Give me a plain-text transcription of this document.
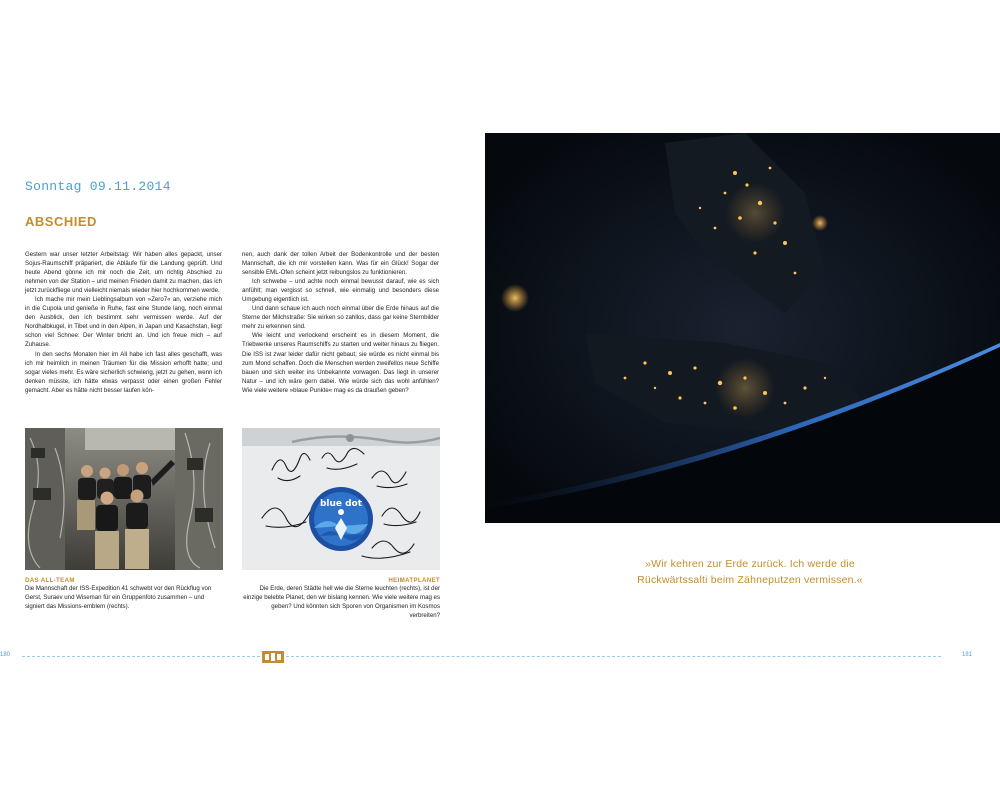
Sonntag 09.11.2014
ABSCHIED

Gestern war unser letzter Arbeitstag: Wir haben alles gepackt, unser Sojus-Raumschiff präpariert, die Abläufe für die Landung geprüft. Und heute Abend gönne ich mir noch die Zeit, um richtig Abschied zu nehmen von der Station – und meinen Frieden damit zu machen, das ich jetzt zurückfliege und vielleicht niemals wieder hier hochkommen werde.

Ich mache mir mein Lieblingsalbum von »Zero7« an, verziehe mich in die Cupola und genieße in Ruhe, fast eine Stunde lang, noch einmal den Ausblick, den ich bestimmt sehr vermissen werde. Auf der Nordhalbkugel, in Tibet und in den Alpen, in Japan und Kasachstan, liegt schon viel Schnee: Der Winter bricht an. Und ich freue mich – auf Zuhause.

In den sechs Monaten hier im All habe ich fast alles geschafft, was ich mir heimlich in meinen Träumen für die Mission erhofft hatte; und sogar vieles mehr. Es wäre sicherlich schwierig, jetzt zu gehen, wenn ich denken müsste, ich hätte etwas verpasst oder einen großen Fehler gemacht. Aber es hätte nicht besser laufen kön-

nen, auch dank der tollen Arbeit der Bodenkontrolle und der besten Mannschaft, die ich mir vorstellen kann. Was für ein Glück! Sogar der sensible EML-Ofen scheint jetzt reibungslos zu funktionieren.

Ich schwebe – und achte noch einmal bewusst darauf, wie es sich anfühlt; man vergisst so schnell, wie einmalig und besonders diese Umgebung eigentlich ist.

Und dann schaue ich auch noch einmal über die Erde hinaus auf die Sterne der Milchstraße: Sie wirken so zahllos, dass gar keine Sternbilder mehr zu erkennen sind.

Wie leicht und verlockend erscheint es in diesem Moment, die Triebwerke unseres Raumschiffs zu starten und weiter hinaus zu fliegen. Die ISS ist zwar leider dafür nicht gebaut; sie würde es nicht einmal bis zum Mond schaffen. Doch die Menschen werden zweifellos neue Schiffe bauen und sich weiter ins Unbekannte vorwagen. Das liegt in unserer Natur – und ich wäre gern dabei. Wie würde sich das wohl anfühlen? Wie viele weitere »blaue Punkte« mag es da draußen geben?

blue dot
DAS ALL-TEAM
Die Mannschaft der ISS-Expedition 41 schwebt vor den Rückflug von Gerst, Suraev und Wiseman für ein Gruppenfoto zusammen – und signiert das Missions-emblem (rechts).
HEIMATPLANET
Die Erde, deren Städte hell wie die Sterne leuchten (rechts), ist der einzige belebte Planet, den wir bislang kennen. Wie viele weitere mag es geben? Und könnten sich Sporen von Organismen im Kosmos verbreiten?
»Wir kehren zur Erde zurück. Ich werde die Rückwärtssalti beim Zähneputzen vermissen.«
180	181
